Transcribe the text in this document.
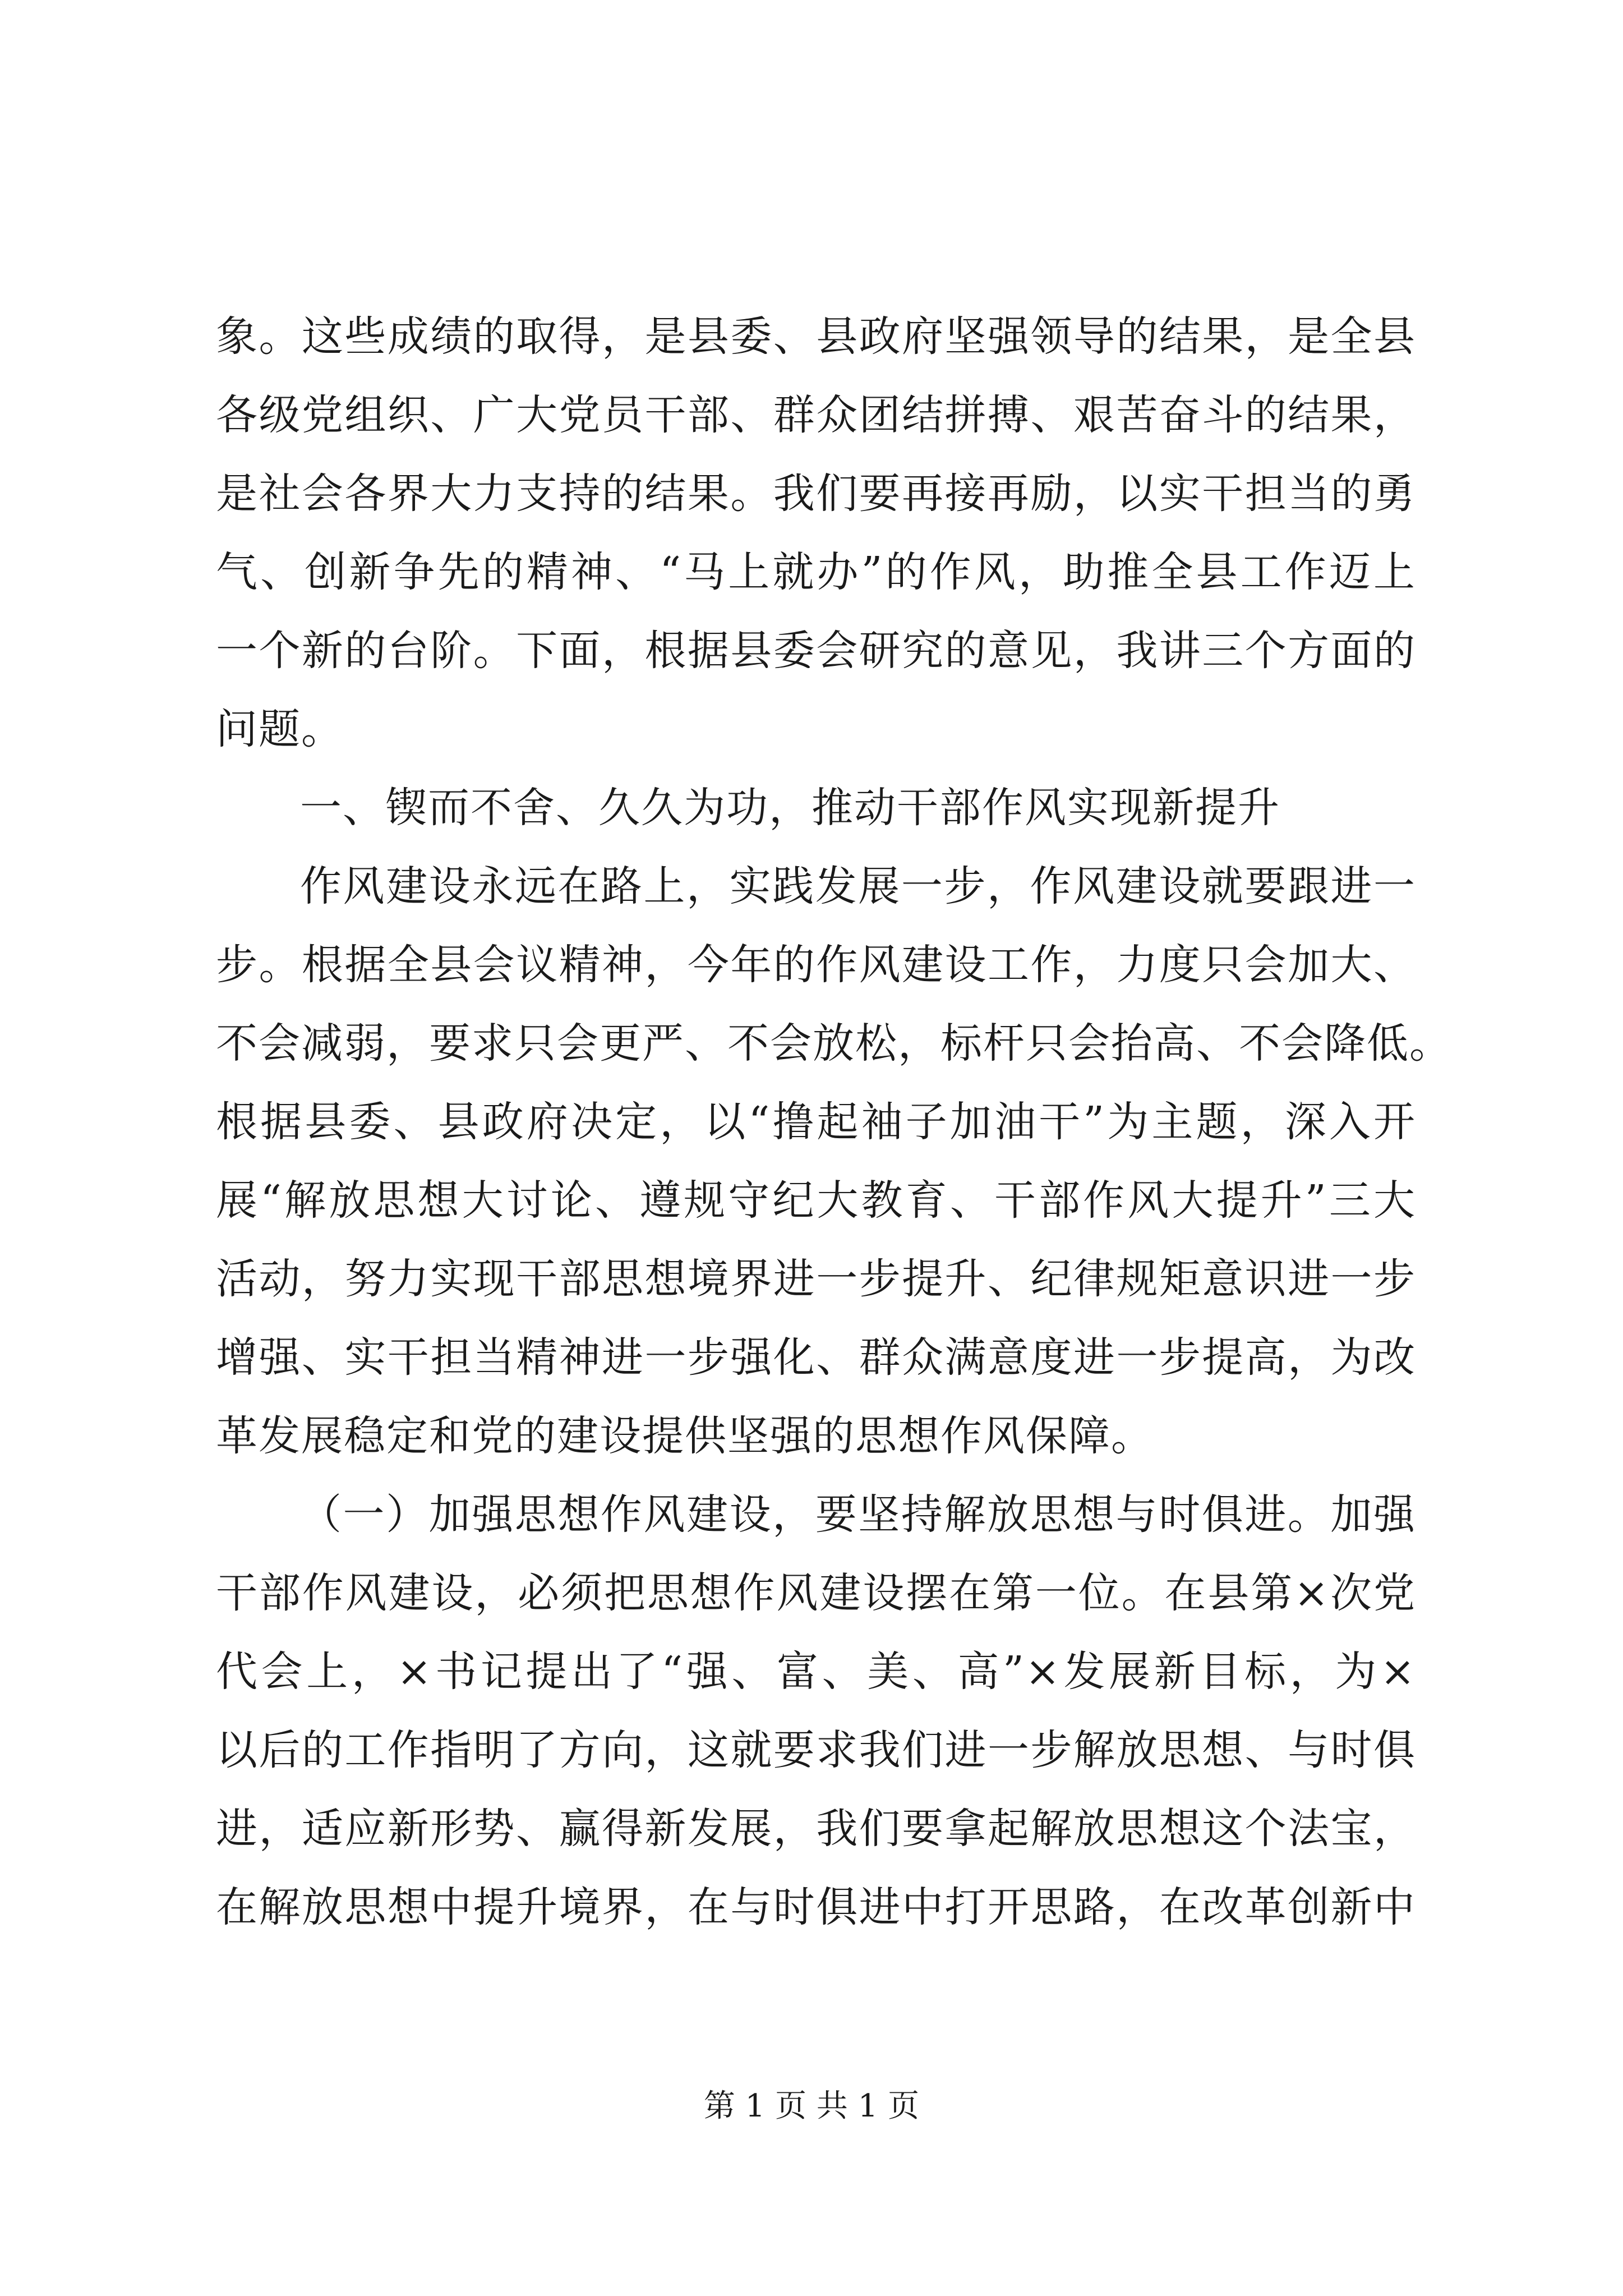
象。这些成绩的取得，是县委、县政府坚强领导的结果，是全县
各级党组织、广大党员干部、群众团结拼搏、艰苦奋斗的结果，
是社会各界大力支持的结果。我们要再接再励，以实干担当的勇
气、创新争先的精神、“马上就办”的作风，助推全县工作迈上
一个新的台阶。下面，根据县委会研究的意见，我讲三个方面的
问题。
一、锲而不舍、久久为功，推动干部作风实现新提升
作风建设永远在路上，实践发展一步，作风建设就要跟进一
步。根据全县会议精神，今年的作风建设工作，力度只会加大、
不会减弱，要求只会更严、不会放松，标杆只会抬高、不会降低。
根据县委、县政府决定，以“撸起袖子加油干”为主题，深入开
展“解放思想大讨论、遵规守纪大教育、干部作风大提升”三大
活动，努力实现干部思想境界进一步提升、纪律规矩意识进一步
增强、实干担当精神进一步强化、群众满意度进一步提高，为改
革发展稳定和党的建设提供坚强的思想作风保障。
（一）加强思想作风建设，要坚持解放思想与时俱进。加强
干部作风建设，必须把思想作风建设摆在第一位。在县第×次党
代会上，×书记提出了“强、富、美、高”×发展新目标，为×
以后的工作指明了方向，这就要求我们进一步解放思想、与时俱
进，适应新形势、赢得新发展，我们要拿起解放思想这个法宝，
在解放思想中提升境界，在与时俱进中打开思路，在改革创新中
第 1 页 共 1 页
